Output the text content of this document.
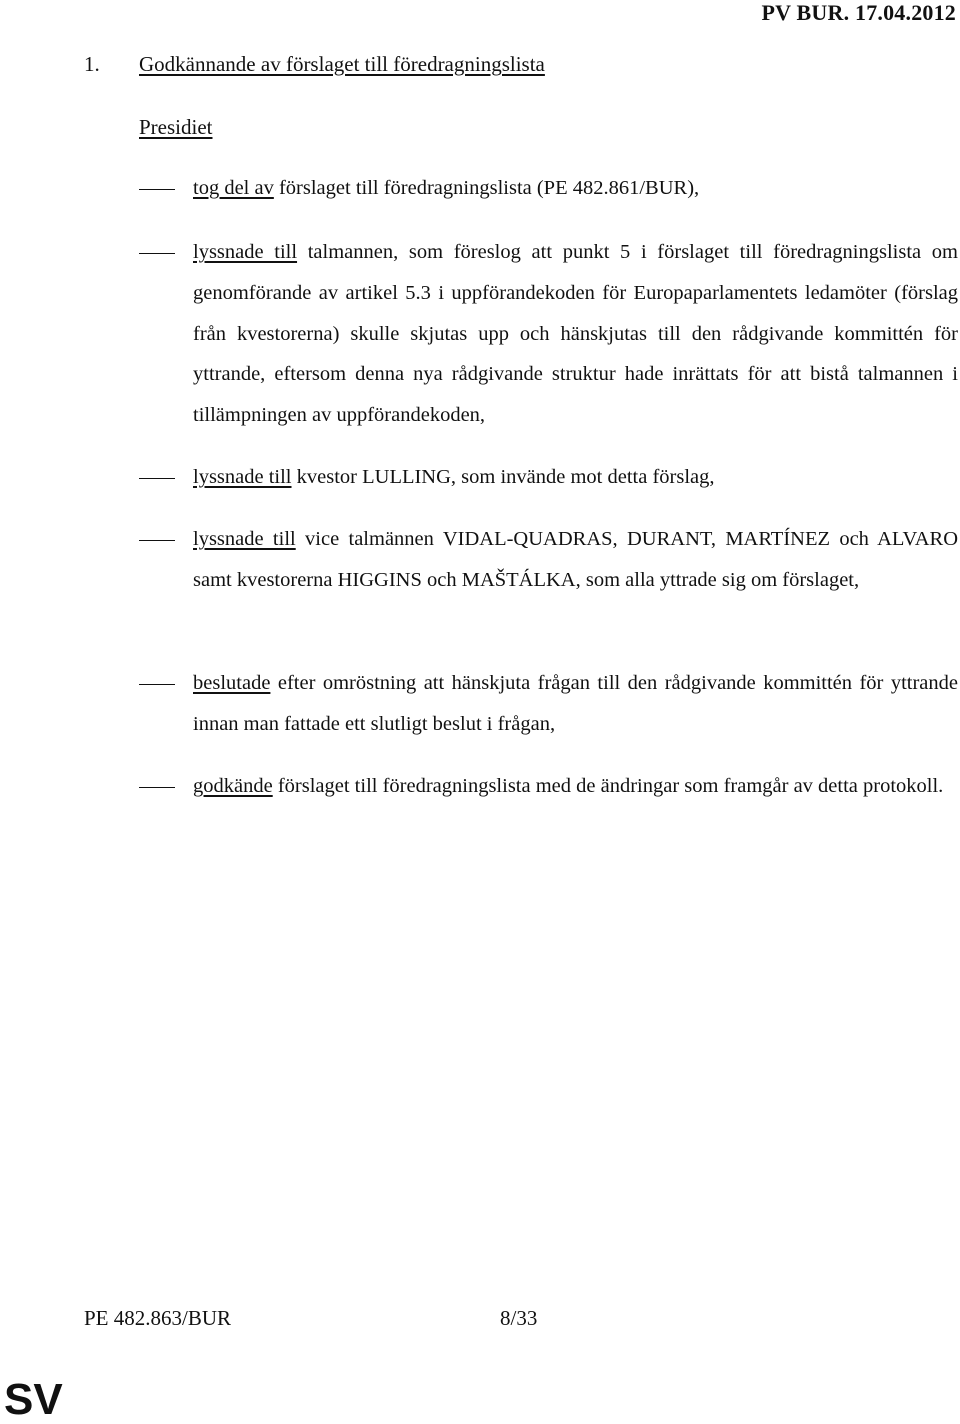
PV BUR. 17.04.2012
1. Godkännande av förslaget till föredragningslista
Presidiet
tog del av förslaget till föredragningslista (PE 482.861/BUR),
lyssnade till talmannen, som föreslog att punkt 5 i förslaget till föredragningslista om genomförande av artikel 5.3 i uppförandekoden för Europaparlamentets ledamöter (förslag från kvestorerna) skulle skjutas upp och hänskjutas till den rådgivande kommittén för yttrande, eftersom denna nya rådgivande struktur hade inrättats för att bistå talmannen i tillämpningen av uppförandekoden,
lyssnade till kvestor LULLING, som invände mot detta förslag,
lyssnade till vice talmännen VIDAL-QUADRAS, DURANT, MARTÍNEZ och ALVARO samt kvestorerna HIGGINS och MAŠTÁLKA, som alla yttrade sig om förslaget,
beslutade efter omröstning att hänskjuta frågan till den rådgivande kommittén för yttrande innan man fattade ett slutligt beslut i frågan,
godkände förslaget till föredragningslista med de ändringar som framgår av detta protokoll.
PE 482.863/BUR	8/33
SV
